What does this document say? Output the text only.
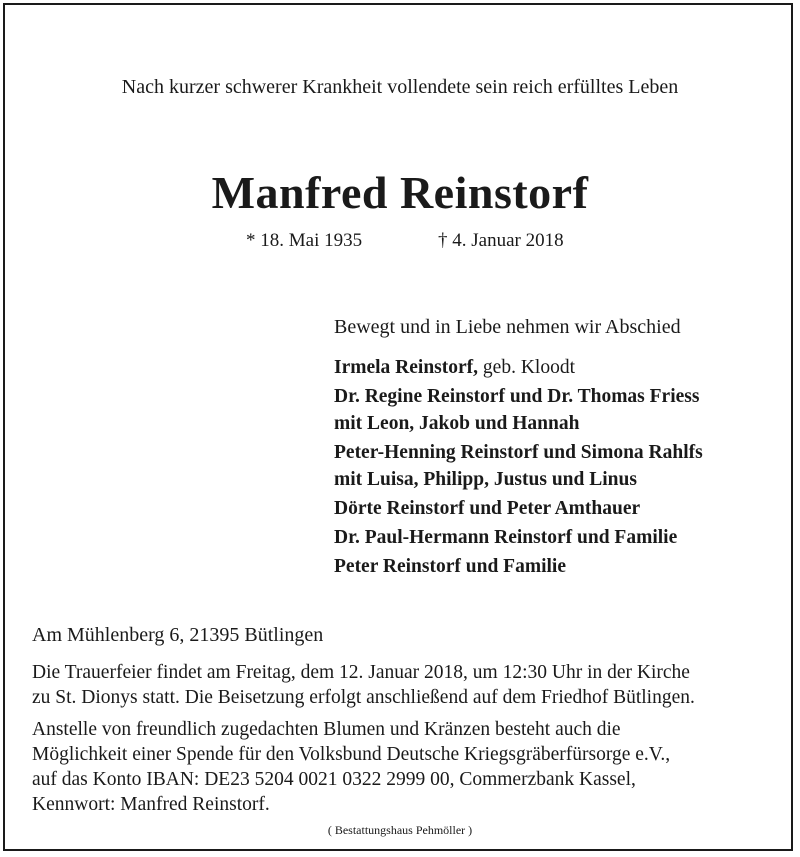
Nach kurzer schwerer Krankheit vollendete sein reich erfülltes Leben
Manfred Reinstorf
* 18. Mai 1935	† 4. Januar 2018
Bewegt und in Liebe nehmen wir Abschied
Irmela Reinstorf, geb. Kloodt
Dr. Regine Reinstorf und Dr. Thomas Friess
mit Leon, Jakob und Hannah
Peter-Henning Reinstorf und Simona Rahlfs
mit Luisa, Philipp, Justus und Linus
Dörte Reinstorf und Peter Amthauer
Dr. Paul-Hermann Reinstorf und Familie
Peter Reinstorf und Familie
Am Mühlenberg 6, 21395 Bütlingen
Die Trauerfeier findet am Freitag, dem 12. Januar 2018, um 12:30 Uhr in der Kirche
zu St. Dionys statt. Die Beisetzung erfolgt anschließend auf dem Friedhof Bütlingen.
Anstelle von freundlich zugedachten Blumen und Kränzen besteht auch die
Möglichkeit einer Spende für den Volksbund Deutsche Kriegsgräberfürsorge e.V.,
auf das Konto IBAN: DE23 5204 0021 0322 2999 00, Commerzbank Kassel,
Kennwort: Manfred Reinstorf.
( Bestattungshaus Pehmöller )
